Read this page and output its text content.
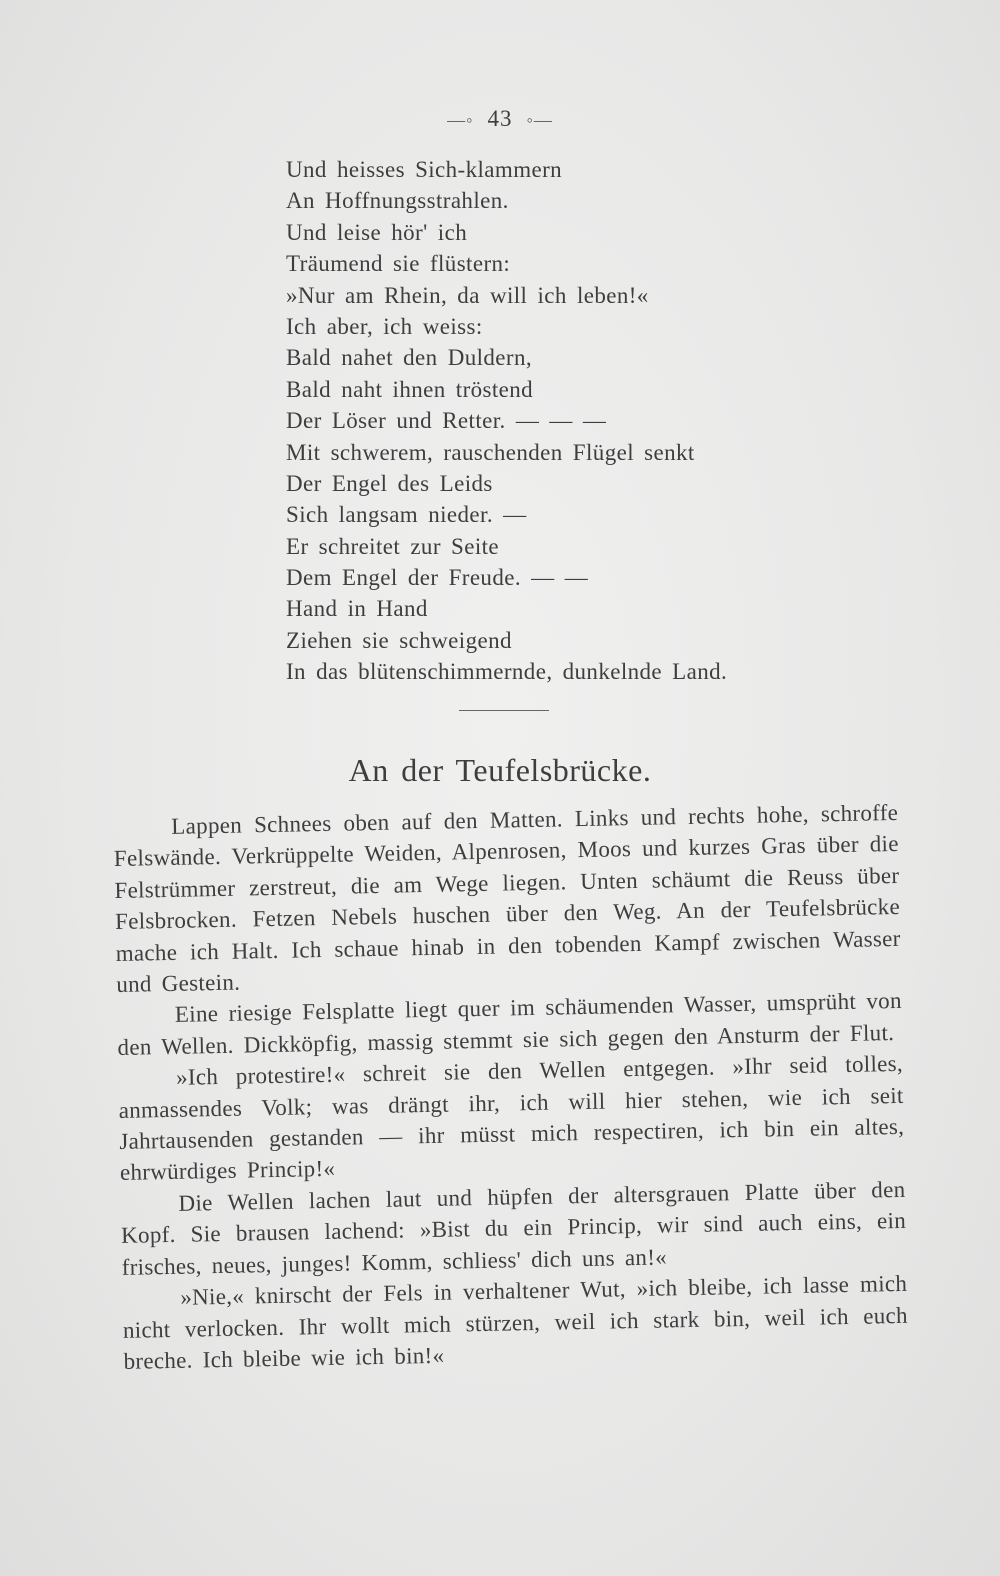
—◦ 43 ◦—
Und heisses Sich-klammern
An Hoffnungsstrahlen.
Und leise hör' ich
Träumend sie flüstern:
»Nur am Rhein, da will ich leben!«
Ich aber, ich weiss:
Bald nahet den Duldern,
Bald naht ihnen tröstend
Der Löser und Retter. — — —
Mit schwerem, rauschenden Flügel senkt
Der Engel des Leids
Sich langsam nieder. —
Er schreitet zur Seite
Dem Engel der Freude. — —
Hand in Hand
Ziehen sie schweigend
In das blütenschimmernde, dunkelnde Land.
An der Teufelsbrücke.

Lappen Schnees oben auf den Matten. Links und rechts hohe, schroffe Felswände. Verkrüppelte Weiden, Alpenrosen, Moos und kurzes Gras über die Felstrümmer zerstreut, die am Wege liegen. Unten schäumt die Reuss über Felsbrocken. Fetzen Nebels huschen über den Weg. An der Teufelsbrücke mache ich Halt. Ich schaue hinab in den tobenden Kampf zwischen Wasser und Gestein.

Eine riesige Felsplatte liegt quer im schäumenden Wasser, umsprüht von den Wellen. Dickköpfig, massig stemmt sie sich gegen den Ansturm der Flut.

»Ich protestire!« schreit sie den Wellen entgegen. »Ihr seid tolles, anmassendes Volk; was drängt ihr, ich will hier stehen, wie ich seit Jahrtausenden gestanden — ihr müsst mich respectiren, ich bin ein altes, ehrwürdiges Princip!«

Die Wellen lachen laut und hüpfen der altersgrauen Platte über den Kopf. Sie brausen lachend: »Bist du ein Princip, wir sind auch eins, ein frisches, neues, junges! Komm, schliess' dich uns an!«

»Nie,« knirscht der Fels in verhaltener Wut, »ich bleibe, ich lasse mich nicht verlocken. Ihr wollt mich stürzen, weil ich stark bin, weil ich euch breche. Ich bleibe wie ich bin!«
